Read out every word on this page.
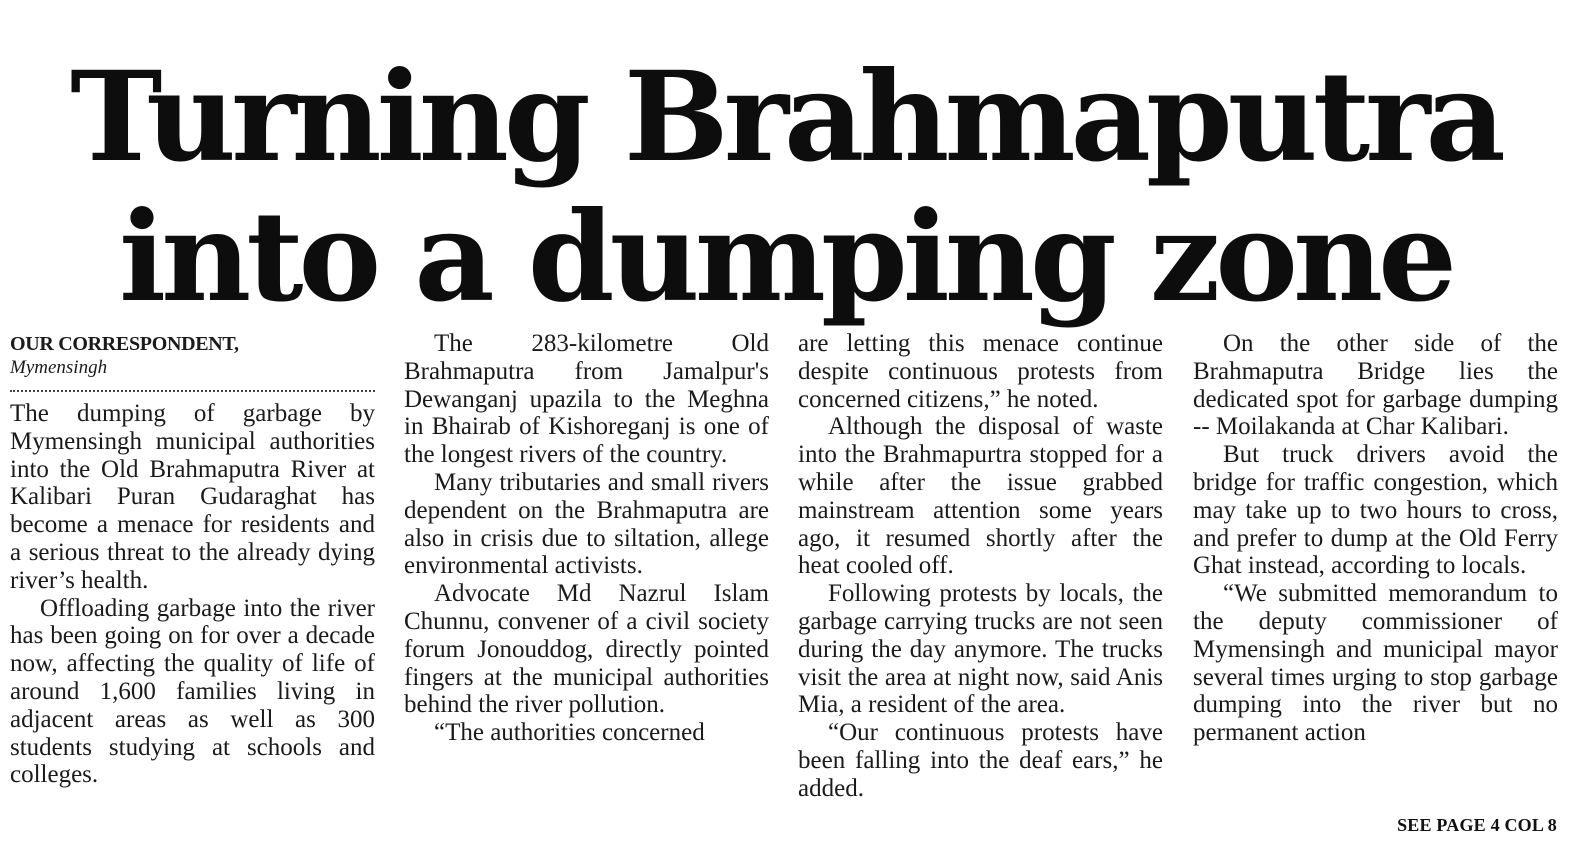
Turning Brahmaputra
into a dumping zone
OUR CORRESPONDENT,
Mymensingh

The dumping of garbage by Mymensingh municipal authorities into the Old Brahmaputra River at Kalibari Puran Gudaraghat has become a menace for residents and a serious threat to the already dying river’s health.

Offloading garbage into the river has been going on for over a decade now, affecting the quality of life of around 1,600 families living in adjacent areas as well as 300 students studying at schools and colleges.

The 283-kilometre Old Brahmaputra from Jamalpur's Dewanganj upazila to the Meghna in Bhairab of Kishoreganj is one of the longest rivers of the country.

Many tributaries and small rivers dependent on the Brahmaputra are also in crisis due to siltation, allege environmental activists.

Advocate Md Nazrul Islam Chunnu, convener of a civil society forum Jonouddog, directly pointed fingers at the municipal authorities behind the river pollution.

“The authorities concerned

are letting this menace continue despite continuous protests from concerned citizens,” he noted.

Although the disposal of waste into the Brahmapurtra stopped for a while after the issue grabbed mainstream attention some years ago, it resumed shortly after the heat cooled off.

Following protests by locals, the garbage carrying trucks are not seen during the day anymore. The trucks visit the area at night now, said Anis Mia, a resident of the area.

“Our continuous protests have been falling into the deaf ears,” he added.

On the other side of the Brahmaputra Bridge lies the dedicated spot for garbage dumping -- Moilakanda at Char Kalibari.

But truck drivers avoid the bridge for traffic congestion, which may take up to two hours to cross, and prefer to dump at the Old Ferry Ghat instead, according to locals.

“We submitted memorandum to the deputy commissioner of Mymensingh and municipal mayor several times urging to stop garbage dumping into the river but no permanent action

SEE PAGE 4 COL 8
